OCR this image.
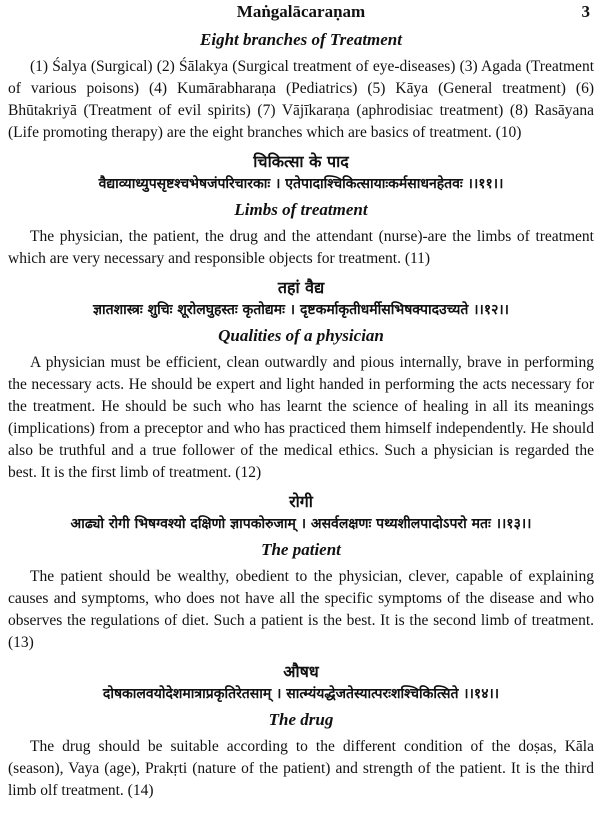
Maṅgalācaraṇam	3
Eight branches of Treatment

(1) Śalya (Surgical) (2) Śālakya (Surgical treatment of eye-diseases) (3) Agada (Treatment of various poisons) (4) Kumārabharaṇa (Pediatrics) (5) Kāya (General treatment) (6) Bhūtakriyā (Treatment of evil spirits) (7) Vājīkaraṇa (aphrodisiac treatment) (8) Rasāyana (Life promoting therapy) are the eight branches which are basics of treatment. (10)

चिकित्सा के पाद
वैद्याव्याध्युपसृष्टश्चभेषजंपरिचारकाः । एतेपादाश्चिकित्सायाःकर्मसाधनहेतवः ।।११।।
Limbs of treatment

The physician, the patient, the drug and the attendant (nurse)-are the limbs of treatment which are very necessary and responsible objects for treatment. (11)

तहां वैद्य
ज्ञातशास्त्रः शुचिः शूरोलघुहस्तः कृतोद्यमः । दृष्टकर्माकृतीधर्मीसभिषक्पादउच्यते ।।१२।।
Qualities of a physician

A physician must be efficient, clean outwardly and pious internally, brave in performing the necessary acts. He should be expert and light handed in performing the acts necessary for the treatment. He should be such who has learnt the science of healing in all its meanings (implications) from a preceptor and who has practiced them himself independently. He should also be truthful and a true follower of the medical ethics. Such a physician is regarded the best. It is the first limb of treatment. (12)

रोगी
आढ्यो रोगी भिषग्वश्यो दक्षिणो ज्ञापकोरुजाम् । असर्वलक्षणः पथ्यशीलपादोऽपरो मतः ।।१३।।
The patient

The patient should be wealthy, obedient to the physician, clever, capable of explaining causes and symptoms, who does not have all the specific symptoms of the disease and who observes the regulations of diet. Such a patient is the best. It is the second limb of treatment. (13)

औषध
दोषकालवयोदेशमात्राप्रकृतिरेतसाम् । सात्म्यंयद्धेजतेस्यात्परःशश्चिकित्सिते ।।१४।।
The drug

The drug should be suitable according to the different condition of the doṣas, Kāla (season), Vaya (age), Prakṛti (nature of the patient) and strength of the patient. It is the third limb olf treatment. (14)
